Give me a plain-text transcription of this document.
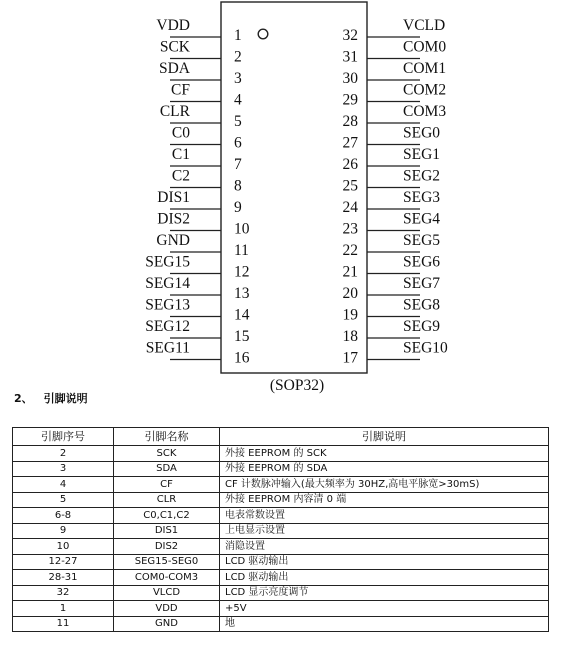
VDD
1
SCK
2
SDA
3
CF
4
CLR
5
C0
6
C1
7
C2
8
DIS1
9
DIS2
10
GND
11
SEG15
12
SEG14
13
SEG13
14
SEG12
15
SEG11
16
VCLD
32
COM0
31
COM1
30
COM2
29
COM3
28
SEG0
27
SEG1
26
SEG2
25
SEG3
24
SEG4
23
SEG5
22
SEG6
21
SEG7
20
SEG8
19
SEG9
18
SEG10
17
(SOP32)
2、 引脚说明
引脚序号	引脚名称	引脚说明
2	SCK	外接 EEPROM 的 SCK
3	SDA	外接 EEPROM 的 SDA
4	CF	CF 计数脉冲输入(最大频率为 30HZ,高电平脉宽>30mS)
5	CLR	外接 EEPROM 内容清 0 端
6-8	C0,C1,C2	电表常数设置
9	DIS1	上电显示设置
10	DIS2	消隐设置
12-27	SEG15-SEG0	LCD 驱动输出
28-31	COM0-COM3	LCD 驱动输出
32	VLCD	LCD 显示亮度调节
1	VDD	+5V
11	GND	地
